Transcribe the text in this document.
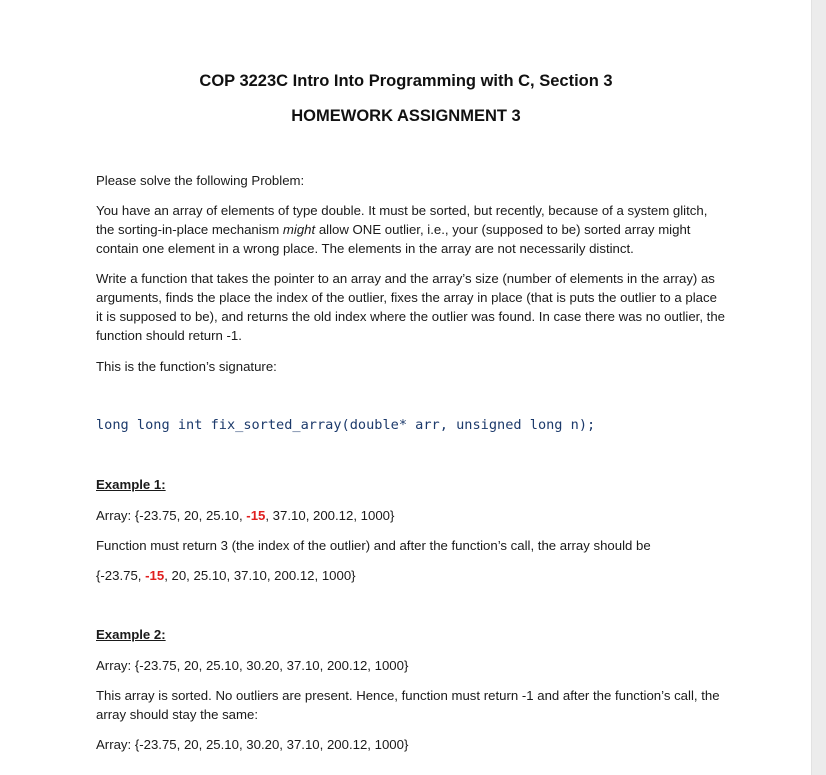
COP 3223C Intro Into Programming with C, Section 3
HOMEWORK ASSIGNMENT 3

Please solve the following Problem:

You have an array of elements of type double. It must be sorted, but recently, because of a system glitch, the sorting-in-place mechanism might allow ONE outlier, i.e., your (supposed to be) sorted array might contain one element in a wrong place. The elements in the array are not necessarily distinct.

Write a function that takes the pointer to an array and the array’s size (number of elements in the array) as arguments, finds the place the index of the outlier, fixes the array in place (that is puts the outlier to a place it is supposed to be), and returns the old index where the outlier was found. In case there was no outlier, the function should return -1.

This is the function’s signature:

long long int fix_sorted_array(double* arr, unsigned long n);
Example 1:

Array: {-23.75, 20, 25.10, -15, 37.10, 200.12, 1000}

Function must return 3 (the index of the outlier) and after the function’s call, the array should be

{-23.75, -15, 20, 25.10, 37.10, 200.12, 1000}

Example 2:

Array: {-23.75, 20, 25.10, 30.20, 37.10, 200.12, 1000}

This array is sorted. No outliers are present. Hence, function must return -1 and after the function’s call, the array should stay the same:

Array: {-23.75, 20, 25.10, 30.20, 37.10, 200.12, 1000}
